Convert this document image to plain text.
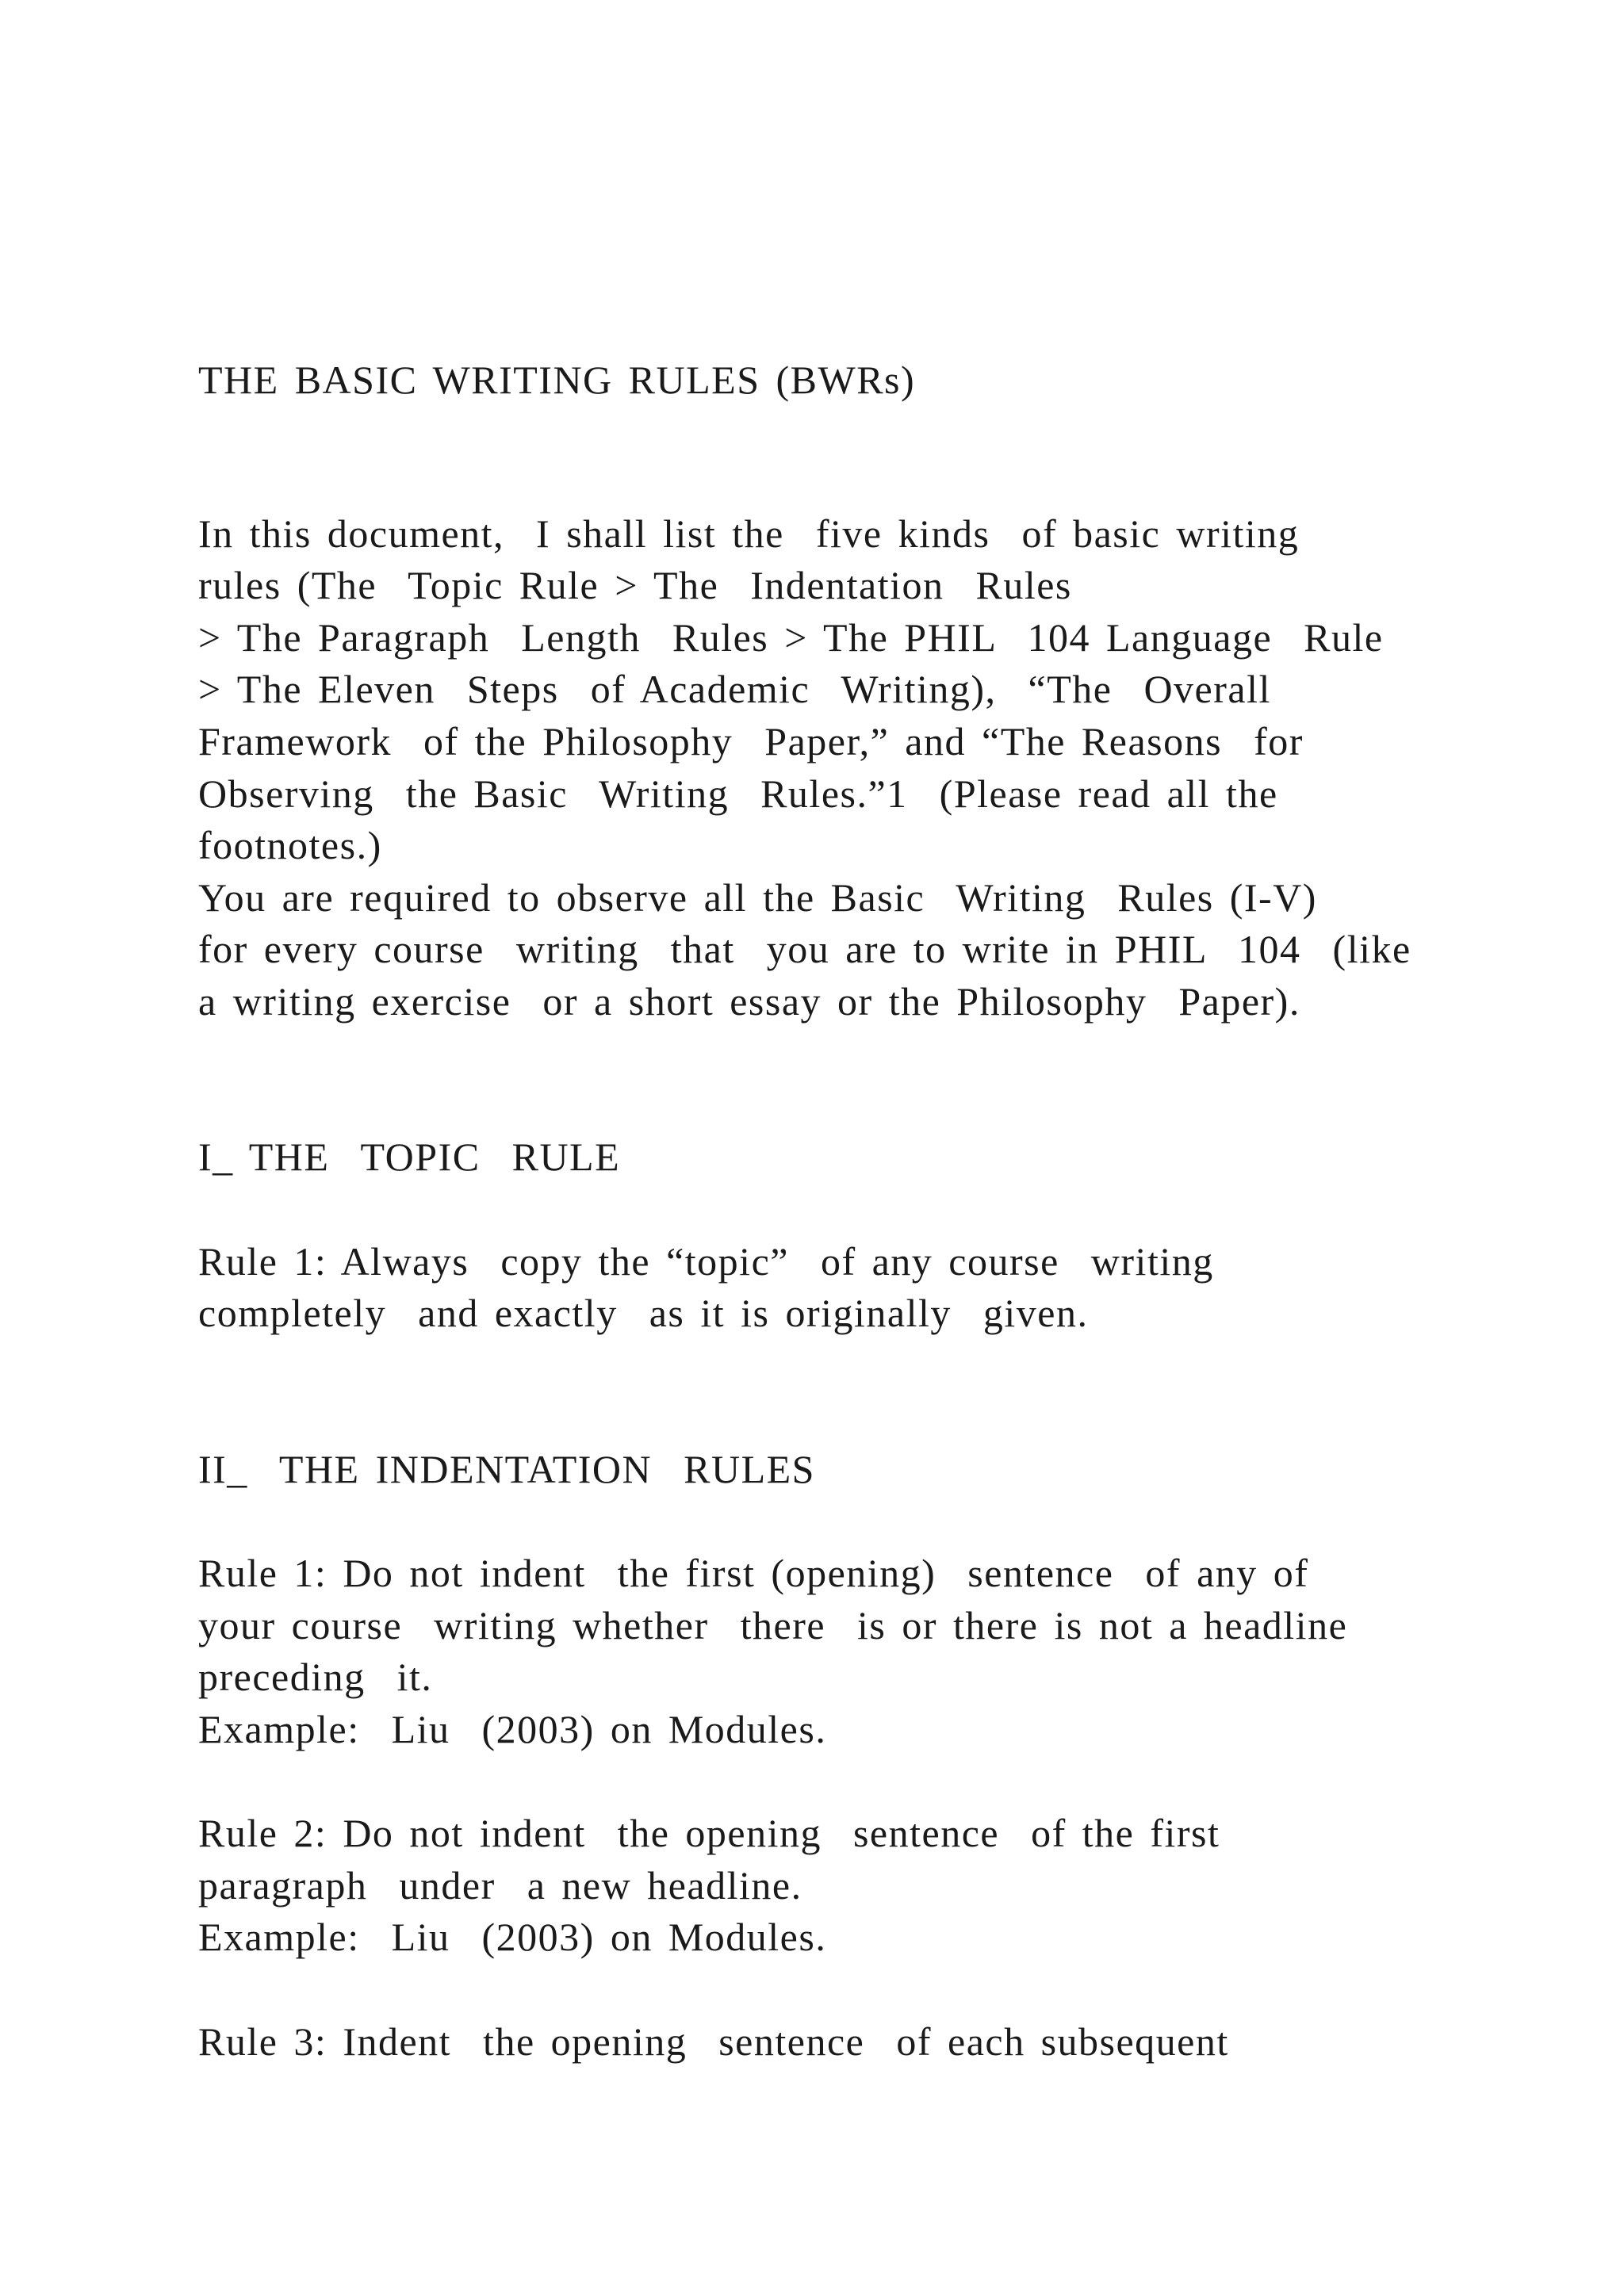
THE BASIC WRITING RULES (BWRs)
In this document,  I shall list the  five kinds  of basic writing
rules (The  Topic Rule > The  Indentation  Rules
> The Paragraph  Length  Rules > The PHIL  104 Language  Rule
> The Eleven  Steps  of Academic  Writing),  “The  Overall
Framework  of the Philosophy  Paper,” and “The Reasons  for
Observing  the Basic  Writing  Rules.”1  (Please read all the
footnotes.)
You are required to observe all the Basic  Writing  Rules (I-V)
for every course  writing  that  you are to write in PHIL  104  (like
a writing exercise  or a short essay or the Philosophy  Paper).
I_ THE  TOPIC  RULE
Rule 1: Always  copy the “topic”  of any course  writing
completely  and exactly  as it is originally  given.
II_  THE INDENTATION  RULES
Rule 1: Do not indent  the first (opening)  sentence  of any of
your course  writing whether  there  is or there is not a headline
preceding  it.
Example:  Liu  (2003) on Modules.
Rule 2: Do not indent  the opening  sentence  of the first
paragraph  under  a new headline.
Example:  Liu  (2003) on Modules.
Rule 3: Indent  the opening  sentence  of each subsequent
